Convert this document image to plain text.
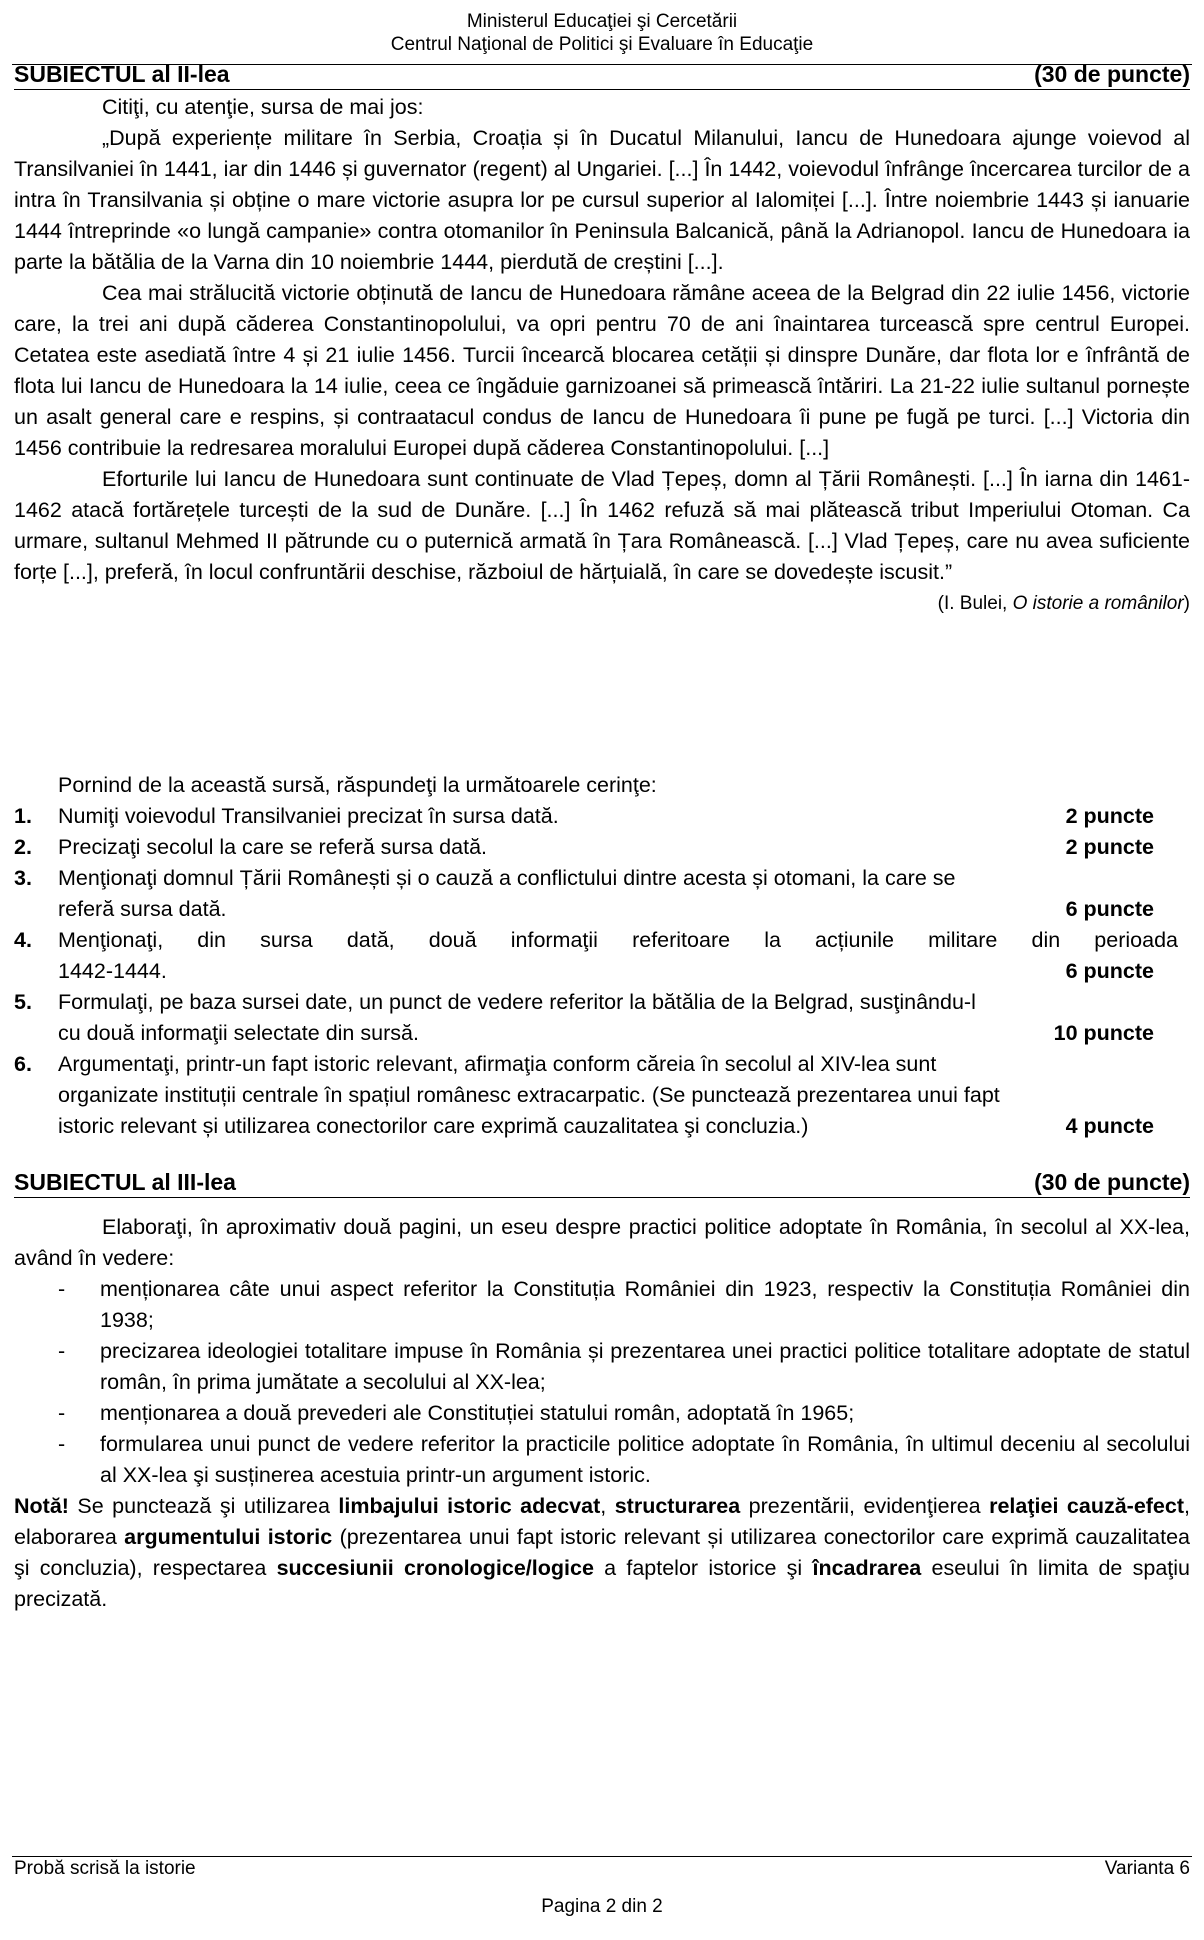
Ministerul Educaţiei şi Cercetării
Centrul Naţional de Politici şi Evaluare în Educaţie
SUBIECTUL al II-lea	(30 de puncte)

Citiţi, cu atenţie, sursa de mai jos:

„După experiențe militare în Serbia, Croația și în Ducatul Milanului, Iancu de Hunedoara ajunge voievod al Transilvaniei în 1441, iar din 1446 și guvernator (regent) al Ungariei. [...] În 1442, voievodul înfrânge încercarea turcilor de a intra în Transilvania și obține o mare victorie asupra lor pe cursul superior al Ialomiței [...]. Între noiembrie 1443 și ianuarie 1444 întreprinde «o lungă campanie» contra otomanilor în Peninsula Balcanică, până la Adrianopol. Iancu de Hunedoara ia parte la bătălia de la Varna din 10 noiembrie 1444, pierdută de creștini [...].

Cea mai strălucită victorie obținută de Iancu de Hunedoara rămâne aceea de la Belgrad din 22 iulie 1456, victorie care, la trei ani după căderea Constantinopolului, va opri pentru 70 de ani înaintarea turcească spre centrul Europei. Cetatea este asediată între 4 și 21 iulie 1456. Turcii încearcă blocarea cetății și dinspre Dunăre, dar flota lor e înfrântă de flota lui Iancu de Hunedoara la 14 iulie, ceea ce îngăduie garnizoanei să primească întăriri. La 21-22 iulie sultanul pornește un asalt general care e respins, și contraatacul condus de Iancu de Hunedoara îi pune pe fugă pe turci. [...] Victoria din 1456 contribuie la redresarea moralului Europei după căderea Constantinopolului. [...]

Eforturile lui Iancu de Hunedoara sunt continuate de Vlad Țepeș, domn al Țării Românești. [...] În iarna din 1461-1462 atacă fortărețele turcești de la sud de Dunăre. [...] În 1462 refuză să mai plătească tribut Imperiului Otoman. Ca urmare, sultanul Mehmed II pătrunde cu o puternică armată în Țara Românească. [...] Vlad Țepeș, care nu avea suficiente forțe [...], preferă, în locul confruntării deschise, războiul de hărțuială, în care se dovedește iscusit.”

(I. Bulei, O istorie a românilor)

Pornind de la această sursă, răspundeţi la următoarele cerinţe:
1. Numiţi voievodul Transilvaniei precizat în sursa dată.	2 puncte
2. Precizaţi secolul la care se referă sursa dată.	2 puncte
3. Menţionaţi domnul Țării Românești și o cauză a conflictului dintre acesta și otomani, la care se
referă sursa dată.	6 puncte
4. Menţionaţi, din sursa dată, două informaţii referitoare la acțiunile militare din perioada
1442-1444.	6 puncte
5. Formulaţi, pe baza sursei date, un punct de vedere referitor la bătălia de la Belgrad, susţinându-l
cu două informaţii selectate din sursă.	10 puncte
6. Argumentaţi, printr-un fapt istoric relevant, afirmaţia conform căreia în secolul al XIV-lea sunt
organizate instituții centrale în spațiul românesc extracarpatic. (Se punctează prezentarea unui fapt
istoric relevant și utilizarea conectorilor care exprimă cauzalitatea şi concluzia.)	4 puncte
SUBIECTUL al III-lea	(30 de puncte)

Elaboraţi, în aproximativ două pagini, un eseu despre practici politice adoptate în România, în secolul al XX-lea, având în vedere:

- menționarea câte unui aspect referitor la Constituția României din 1923, respectiv la Constituția României din 1938;
- precizarea ideologiei totalitare impuse în România și prezentarea unei practici politice totalitare adoptate de statul român, în prima jumătate a secolului al XX-lea;
- menționarea a două prevederi ale Constituției statului român, adoptată în 1965;
- formularea unui punct de vedere referitor la practicile politice adoptate în România, în ultimul deceniu al secolului al XX-lea şi susținerea acestuia printr-un argument istoric.

Notă! Se punctează şi utilizarea limbajului istoric adecvat, structurarea prezentării, evidenţierea relaţiei cauză-efect, elaborarea argumentului istoric (prezentarea unui fapt istoric relevant și utilizarea conectorilor care exprimă cauzalitatea şi concluzia), respectarea succesiunii cronologice/logice a faptelor istorice şi încadrarea eseului în limita de spaţiu precizată.

Probă scrisă la istorie	Varianta 6
Pagina 2 din 2
